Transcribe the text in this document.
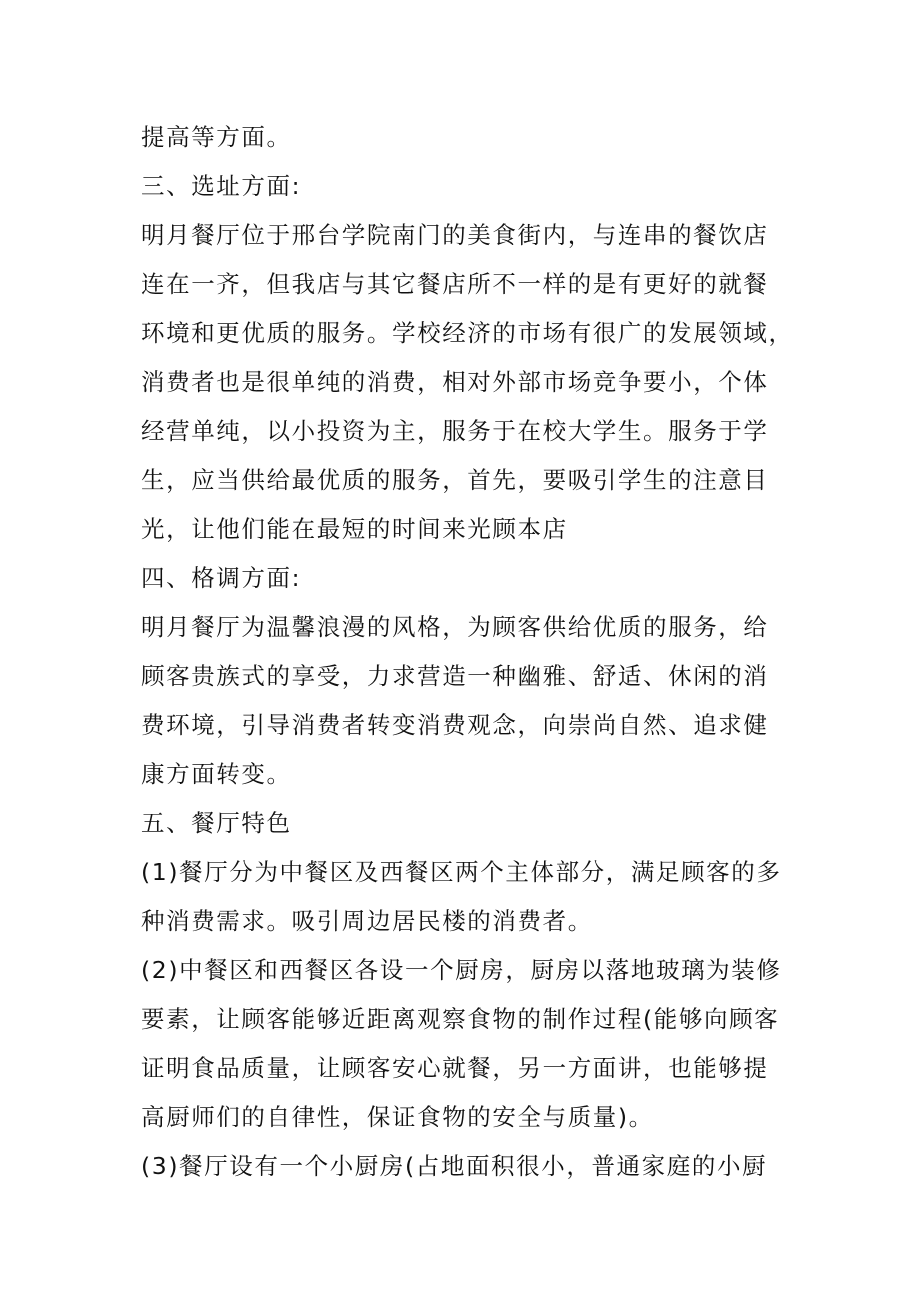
提高等方面。
三、选址方面:
明月餐厅位于邢台学院南门的美食街内，与连串的餐饮店
连在一齐，但我店与其它餐店所不一样的是有更好的就餐
环境和更优质的服务。学校经济的市场有很广的发展领域，
消费者也是很单纯的消费，相对外部市场竞争要小，个体
经营单纯，以小投资为主，服务于在校大学生。服务于学
生，应当供给最优质的服务，首先，要吸引学生的注意目
光，让他们能在最短的时间来光顾本店
四、格调方面:
明月餐厅为温馨浪漫的风格，为顾客供给优质的服务，给
顾客贵族式的享受，力求营造一种幽雅、舒适、休闲的消
费环境，引导消费者转变消费观念，向崇尚自然、追求健
康方面转变。
五、餐厅特色
(1)餐厅分为中餐区及西餐区两个主体部分，满足顾客的多
种消费需求。吸引周边居民楼的消费者。
(2)中餐区和西餐区各设一个厨房，厨房以落地玻璃为装修
要素，让顾客能够近距离观察食物的制作过程(能够向顾客
证明食品质量，让顾客安心就餐，另一方面讲，也能够提
高厨师们的自律性，保证食物的安全与质量)。
(3)餐厅设有一个小厨房(占地面积很小，普通家庭的小厨
